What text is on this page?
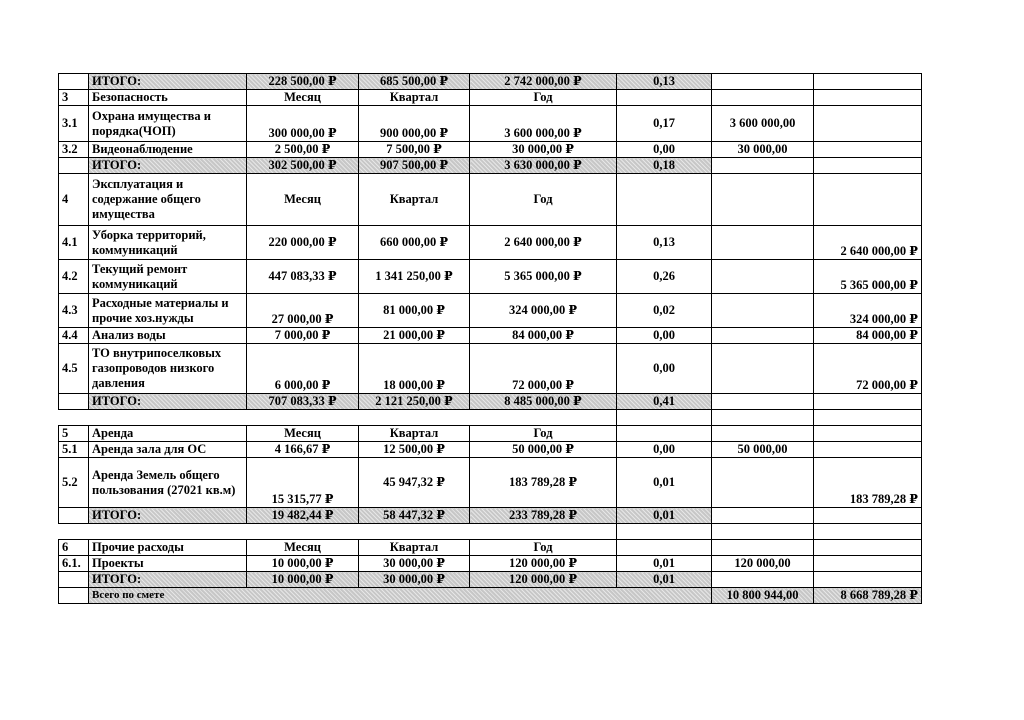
	ИТОГО:	228 500,00 ₽	685 500,00 ₽	2 742 000,00 ₽	0,13		
3	Безопасность	Месяц	Квартал	Год			
3.1	Охрана имущества и порядка(ЧОП)	300 000,00 ₽	900 000,00 ₽	3 600 000,00 ₽	0,17	3 600 000,00	
3.2	Видеонаблюдение	2 500,00 ₽	7 500,00 ₽	30 000,00 ₽	0,00	30 000,00	
	ИТОГО:	302 500,00 ₽	907 500,00 ₽	3 630 000,00 ₽	0,18		
4	Эксплуатация и содержание общего имущества	Месяц	Квартал	Год			
4.1	Уборка территорий, коммуникаций	220 000,00 ₽	660 000,00 ₽	2 640 000,00 ₽	0,13		2 640 000,00 ₽
4.2	Текущий ремонт коммуникаций	447 083,33 ₽	1 341 250,00 ₽	5 365 000,00 ₽	0,26		5 365 000,00 ₽
4.3	Расходные материалы и прочие хоз.нужды	27 000,00 ₽	81 000,00 ₽	324 000,00 ₽	0,02		324 000,00 ₽
4.4	Анализ воды	7 000,00 ₽	21 000,00 ₽	84 000,00 ₽	0,00		84 000,00 ₽
4.5	ТО внутрипоселковых газопроводов низкого давления	6 000,00 ₽	18 000,00 ₽	72 000,00 ₽	0,00		72 000,00 ₽
	ИТОГО:	707 083,33 ₽	2 121 250,00 ₽	8 485 000,00 ₽	0,41		

5	Аренда	Месяц	Квартал	Год			
5.1	Аренда зала для ОС	4 166,67 ₽	12 500,00 ₽	50 000,00 ₽	0,00	50 000,00	
5.2	Аренда Земель общего пользования (27021 кв.м)	15 315,77 ₽	45 947,32 ₽	183 789,28 ₽	0,01		183 789,28 ₽
	ИТОГО:	19 482,44 ₽	58 447,32 ₽	233 789,28 ₽	0,01		

6	Прочие расходы	Месяц	Квартал	Год			
6.1.	Проекты	10 000,00 ₽	30 000,00 ₽	120 000,00 ₽	0,01	120 000,00	
	ИТОГО:	10 000,00 ₽	30 000,00 ₽	120 000,00 ₽	0,01		
	Всего по смете					10 800 944,00	8 668 789,28 ₽
